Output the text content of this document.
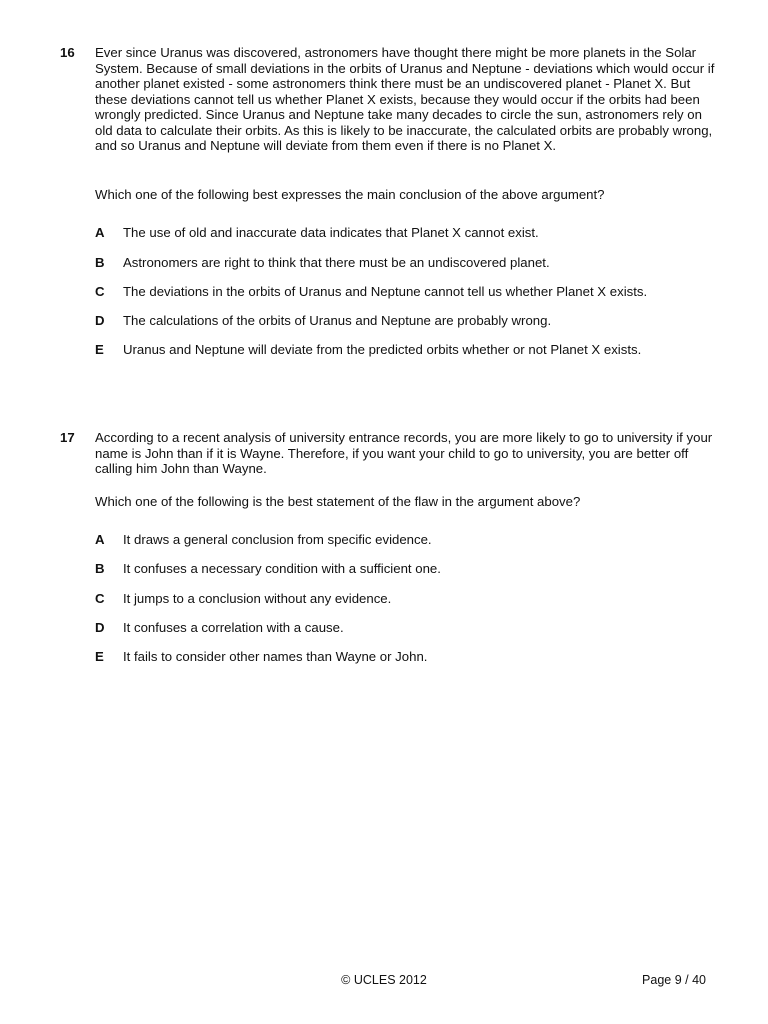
16 Ever since Uranus was discovered, astronomers have thought there might be more planets in the Solar System. Because of small deviations in the orbits of Uranus and Neptune - deviations which would occur if another planet existed - some astronomers think there must be an undiscovered planet - Planet X. But these deviations cannot tell us whether Planet X exists, because they would occur if the orbits had been wrongly predicted. Since Uranus and Neptune take many decades to circle the sun, astronomers rely on old data to calculate their orbits. As this is likely to be inaccurate, the calculated orbits are probably wrong, and so Uranus and Neptune will deviate from them even if there is no Planet X.

Which one of the following best expresses the main conclusion of the above argument?

A The use of old and inaccurate data indicates that Planet X cannot exist.
B Astronomers are right to think that there must be an undiscovered planet.
C The deviations in the orbits of Uranus and Neptune cannot tell us whether Planet X exists.
D The calculations of the orbits of Uranus and Neptune are probably wrong.
E Uranus and Neptune will deviate from the predicted orbits whether or not Planet X exists.
17 According to a recent analysis of university entrance records, you are more likely to go to university if your name is John than if it is Wayne. Therefore, if you want your child to go to university, you are better off calling him John than Wayne.

Which one of the following is the best statement of the flaw in the argument above?

A It draws a general conclusion from specific evidence.
B It confuses a necessary condition with a sufficient one.
C It jumps to a conclusion without any evidence.
D It confuses a correlation with a cause.
E It fails to consider other names than Wayne or John.
© UCLES 2012	Page 9 / 40
